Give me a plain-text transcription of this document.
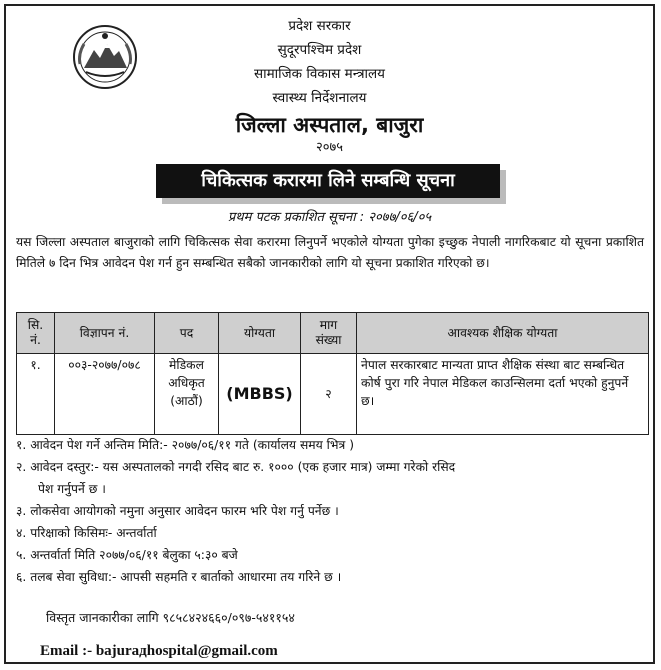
प्रदेश सरकार
सुदूरपश्चिम प्रदेश
सामाजिक विकास मन्त्रालय
स्वास्थ्य निर्देशनालय
जिल्ला अस्पताल, बाजुरा
२०७५
चिकित्सक करारमा लिने सम्बन्धि सूचना
प्रथम पटक प्रकाशित सूचना : २०७७/०६/०५
यस जिल्ला अस्पताल बाजुराको लागि चिकित्सक सेवा करारमा लिनुपर्ने भएकोले योग्यता पुगेका इच्छुक नेपाली नागरिकबाट यो सूचना प्रकाशित मितिले ७ दिन भित्र आवेदन पेश गर्न हुन सम्बन्धित सबैको जानकारीको लागि यो सूचना प्रकाशित गरिएको छ।
सि. नं.	विज्ञापन नं.	पद	योग्यता	माग संख्या	आवश्यक शैक्षिक योग्यता
१.	००३-२०७७/०७८	मेडिकल अधिकृत (आठौं)	(MBBS)	२	नेपाल सरकारबाट मान्यता प्राप्त शैक्षिक संस्था बाट सम्बन्धित कोर्ष पुरा गरि नेपाल मेडिकल काउन्सिलमा दर्ता भएको हुनुपर्ने छ।
१. आवेदन पेश गर्ने अन्तिम मिति:- २०७७/०६/११ गते (कार्यालय समय भित्र )
२. आवेदन दस्तुर:- यस अस्पतालको नगदी रसिद बाट रु. १००० (एक हजार मात्र) जम्मा गरेको रसिद
पेश गर्नुपर्ने छ ।
३. लोकसेवा आयोगको नमुना अनुसार आवेदन फारम भरि पेश गर्नु पर्नेछ ।
४. परिक्षाको किसिमः- अन्तर्वार्ता
५. अन्तर्वार्ता मिति २०७७/०६/११ बेलुका ५:३० बजे
६. तलब सेवा सुविधा:- आपसी सहमति र बार्ताको आधारमा तय गरिने छ ।
विस्तृत जानकारीका लागि ९८५८४२४६६०/०९७-५४११५४
Email :- bajurадhospital@gmail.com
